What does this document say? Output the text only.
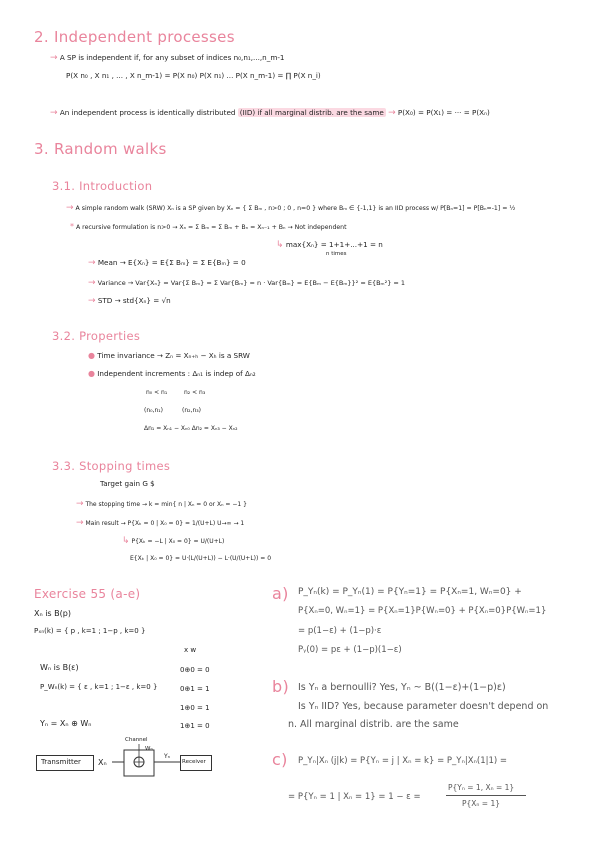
2. Independent processes
→ A SP is independent if, for any subset of indices n₀,n₁,...,n_m-1
P(X n₀ , X n₁ , ... , X n_m-1) = P(X n₀) P(X n₁) ... P(X n_m-1) = ∏ P(X n_i)
→ An independent process is identically distributed (IID) if all marginal distrib. are the same → P(X₀) = P(X₁) = ··· = P(Xₙ)
3. Random walks
3.1. Introduction
→ A simple random walk (SRW) Xₙ is a SP given by Xₙ = { Σ Bₘ , n>0 ; 0 , n=0 } where Bₘ ∈ {-1,1} is an IID process w/ P[Bₙ=1] = P[Bₙ=-1] = ½
* A recursive formulation is n>0 → Xₙ = Σ Bₘ = Σ Bₘ + Bₙ = Xₙ₋₁ + Bₙ → Not independent
↳ max{Xₙ} = 1+1+...+1 = n
n times
→ Mean → E{Xₙ} = E{Σ Bₘ} = Σ E{Bₘ} = 0
→ Variance → Var{Xₙ} = Var{Σ Bₘ} = Σ Var{Bₘ} = n · Var{Bₘ} = E{Bₘ − E{Bₘ}}² = E{Bₘ²} = 1
→ STD → std{Xₙ} = √n
3.2. Properties
● Time invariance → Zₙ = Xₙ₊ₕ − Xₕ is a SRW
● Independent increments : Δₙ₁ is indep of Δₙ₂
n₀ < n₁	n₂ < n₃
(n₀,n₁)	(n₂,n₃)
Δn₁ = Xₙ₁ − Xₙ₀ Δn₂ = Xₙ₃ − Xₙ₂
3.3. Stopping times
Target gain G $
→ The stopping time → k = min{ n | Xₙ = 0 or Xₙ = −1 }
→ Main result → P{Xₖ = 0 | X₀ = 0} = 1/(U+L) U→∞ → 1
↳ P{Xₖ = −L | X₀ = 0} = U/(U+L)
E{Xₖ | X₀ = 0} = U·(L/(U+L)) − L·(U/(U+L)) = 0
Exercise 55 (a-e)
Xₙ is B(p)
Pₓₙ(k) = { p , k=1 ; 1−p , k=0 }
Wₙ is B(ε)
P_Wₙ(k) = { ε , k=1 ; 1−ε , k=0 }
Yₙ = Xₙ ⊕ Wₙ
x w
0⊕0 = 0
0⊕1 = 1
1⊕0 = 1
1⊕1 = 0
Transmitter Xₙ
Channel
Wₙ
Yₙ
Receiver
a) P_Yₙ(k) = P_Yₙ(1) = P{Yₙ=1} = P{Xₙ=1, Wₙ=0} +
P{Xₙ=0, Wₙ=1} = P{Xₙ=1}P{Wₙ=0} + P{Xₙ=0}P{Wₙ=1}
= p(1−ε) + (1−p)·ε
Pᵧ(0) = pε + (1−p)(1−ε)
b) Is Yₙ a bernoulli? Yes, Yₙ ~ B((1−ε)+(1−p)ε)
Is Yₙ IID? Yes, because parameter doesn't depend on
n. All marginal distrib. are the same
c) P_Yₙ|Xₙ (j|k) = P{Yₙ = j | Xₙ = k} = P_Yₙ|Xₙ(1|1) =
= P{Yₙ = 1 | Xₙ = 1} = 1 − ε =
P{Yₙ = 1, Xₙ = 1}
P{Xₙ = 1}
